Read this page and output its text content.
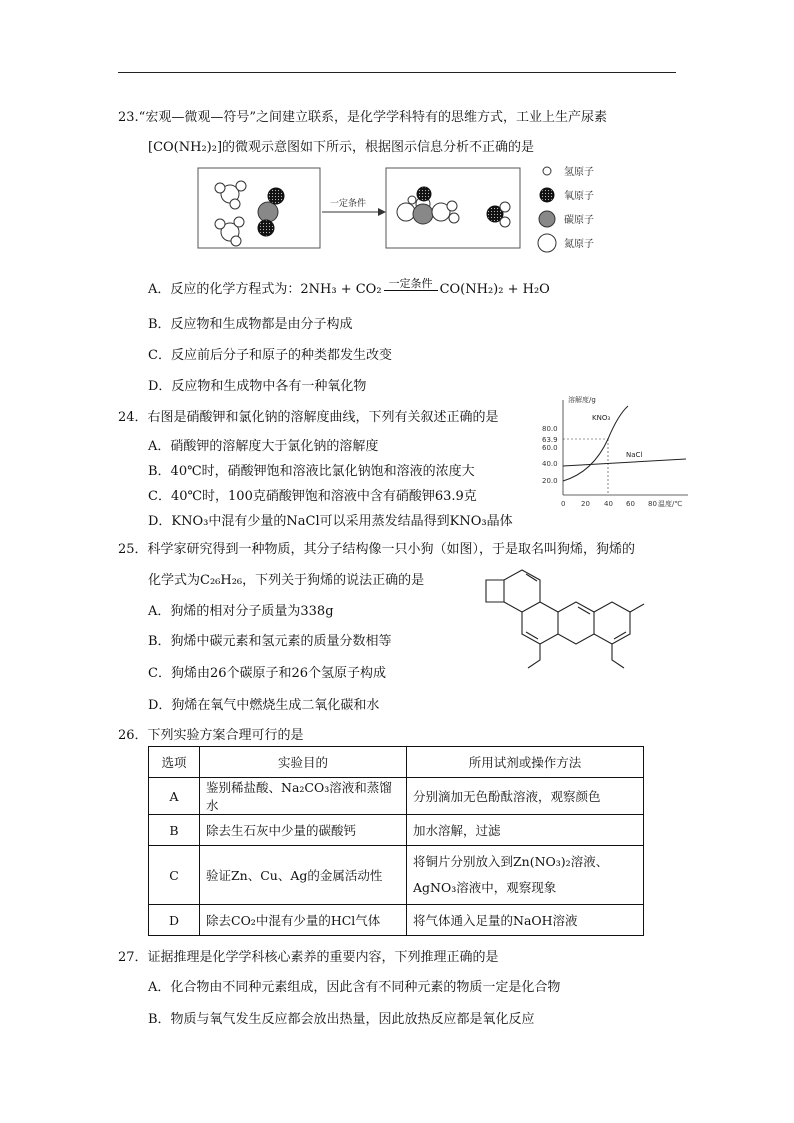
23.“宏观—微观—符号”之间建立联系，是化学学科特有的思维方式，工业上生产尿素
[CO(NH₂)₂]的微观示意图如下所示，根据图示信息分析不正确的是
一定条件
氢原子
氧原子
碳原子
氮原子
A．反应的化学方程式为：2NH₃ + CO₂ $^{一定条件}$ CO(NH₂)₂ + H₂O
B．反应物和生成物都是由分子构成
C．反应前后分子和原子的种类都发生改变
D．反应物和生成物中各有一种氧化物
24．右图是硝酸钾和氯化钠的溶解度曲线，下列有关叙述正确的是
A．硝酸钾的溶解度大于氯化钠的溶解度
B．40℃时，硝酸钾饱和溶液比氯化钠饱和溶液的浓度大
C．40℃时，100克硝酸钾饱和溶液中含有硝酸钾63.9克
D．KNO₃中混有少量的NaCl可以采用蒸发结晶得到KNO₃晶体
溶解度/g
80.0
63.9
60.0
40.0
20.0
0 20 40 60 80 温度/℃
KNO₃
NaCl
25．科学家研究得到一种物质，其分子结构像一只小狗（如图），于是取名叫狗烯，狗烯的
化学式为C₂₆H₂₆，下列关于狗烯的说法正确的是
A．狗烯的相对分子质量为338g
B．狗烯中碳元素和氢元素的质量分数相等
C．狗烯由26个碳原子和26个氢原子构成
D．狗烯在氧气中燃烧生成二氧化碳和水
26．下列实验方案合理可行的是
选项	实验目的	所用试剂或操作方法
A	鉴别稀盐酸、Na₂CO₃溶液和蒸馏水	分别滴加无色酚酞溶液，观察颜色
B	除去生石灰中少量的碳酸钙	加水溶解，过滤
C	验证Zn、Cu、Ag的金属活动性	将铜片分别放入到Zn(NO₃)₂溶液、AgNO₃溶液中，观察现象
D	除去CO₂中混有少量的HCl气体	将气体通入足量的NaOH溶液
27．证据推理是化学学科核心素养的重要内容，下列推理正确的是
A．化合物由不同种元素组成，因此含有不同种元素的物质一定是化合物
B．物质与氧气发生反应都会放出热量，因此放热反应都是氧化反应
